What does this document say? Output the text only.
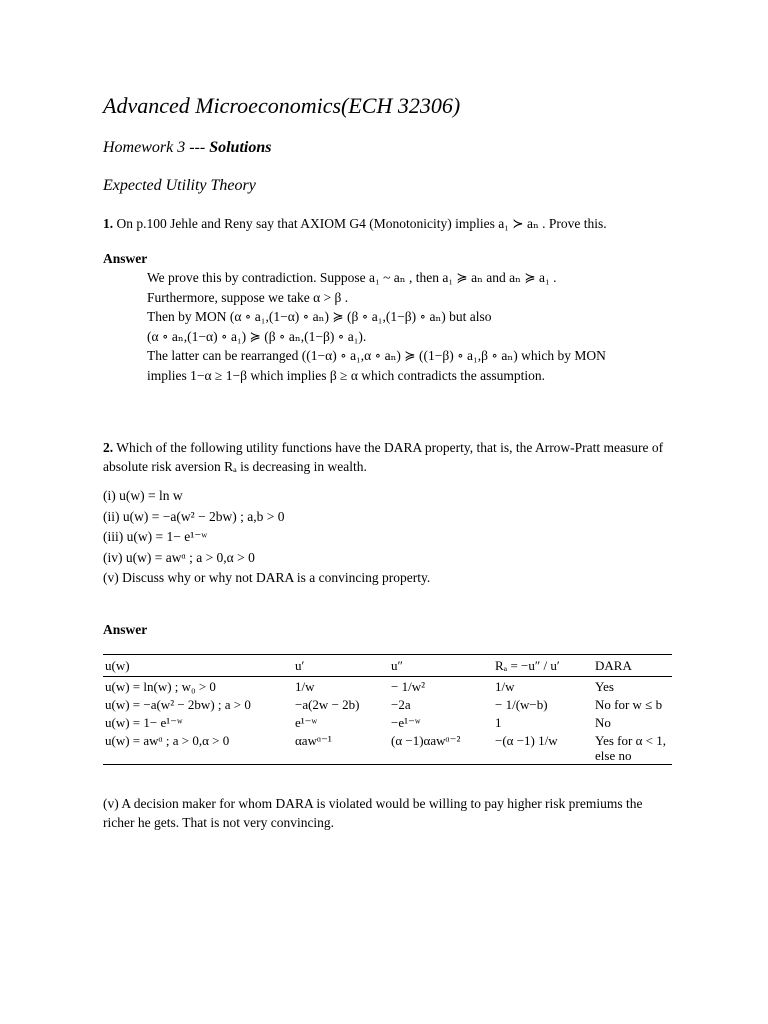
Advanced Microeconomics(ECH 32306)
Homework 3 --- Solutions
Expected Utility Theory
1. On p.100 Jehle and Reny say that AXIOM G4 (Monotonicity) implies a₁ ≻ aₙ . Prove this.
Answer
We prove this by contradiction. Suppose a₁ ~ aₙ , then a₁ ≽ aₙ and aₙ ≽ a₁ .
Furthermore, suppose we take α > β .
Then by MON (α ∘ a₁,(1−α) ∘ aₙ) ≽ (β ∘ a₁,(1−β) ∘ aₙ) but also
(α ∘ aₙ,(1−α) ∘ a₁) ≽ (β ∘ aₙ,(1−β) ∘ a₁).
The latter can be rearranged ((1−α) ∘ a₁,α ∘ aₙ) ≽ ((1−β) ∘ a₁,β ∘ aₙ) which by MON
implies 1−α ≥ 1−β which implies β ≥ α which contradicts the assumption.
2. Which of the following utility functions have the DARA property, that is, the Arrow-Pratt measure of absolute risk aversion Rₐ is decreasing in wealth.
(i) u(w) = ln w
(ii) u(w) = −a(w² − 2bw) ; a,b > 0
(iii) u(w) = 1− e¹⁻ʷ
(iv) u(w) = awᵅ ; a > 0,α > 0
(v) Discuss why or why not DARA is a convincing property.
Answer
u(w)	u′	u″	Rₐ = −u″ / u′	DARA
u(w) = ln(w) ; w₀ > 0	1/w	− 1/w²	1/w	Yes
u(w) = −a(w² − 2bw) ; a > 0	−a(2w − 2b)	−2a	− 1/(w−b)	No for w ≤ b
u(w) = 1− e¹⁻ʷ	e¹⁻ʷ	−e¹⁻ʷ	1	No
u(w) = awᵅ ; a > 0,α > 0	αawᵅ⁻¹	(α −1)αawᵅ⁻²	−(α −1) 1/w	Yes for α < 1, else no
(v) A decision maker for whom DARA is violated would be willing to pay higher risk premiums the richer he gets. That is not very convincing.
